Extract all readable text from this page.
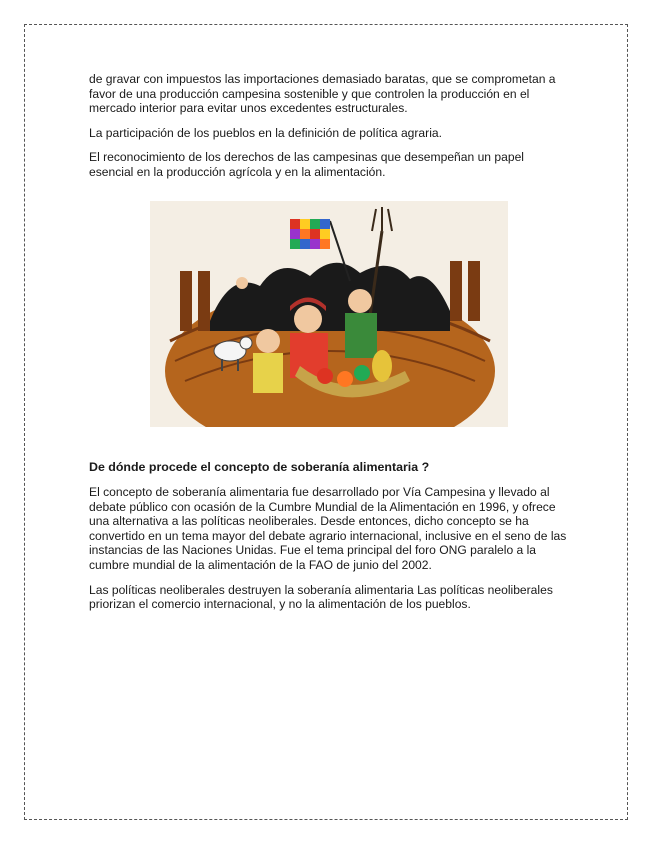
de gravar con impuestos las importaciones demasiado baratas, que se comprometan a favor de una producción campesina sostenible y que controlen la producción en el mercado interior para evitar unos excedentes estructurales.

La participación de los pueblos en la definición de política agraria.

El reconocimiento de los derechos de las campesinas que desempeñan un papel esencial en la producción agrícola y en la alimentación.

De dónde procede el concepto de soberanía alimentaria ?

El concepto de soberanía alimentaria fue desarrollado por Vía Campesina y llevado al debate público con ocasión de la Cumbre Mundial de la Alimentación en 1996, y ofrece una alternativa a las políticas neoliberales. Desde entonces, dicho concepto se ha convertido en un tema mayor del debate agrario internacional, inclusive en el seno de las instancias de las Naciones Unidas. Fue el tema principal del foro ONG paralelo a la cumbre mundial de la alimentación de la FAO de junio del 2002.

Las políticas neoliberales destruyen la soberanía alimentaria Las políticas neoliberales priorizan el comercio internacional, y no la alimentación de los pueblos.
